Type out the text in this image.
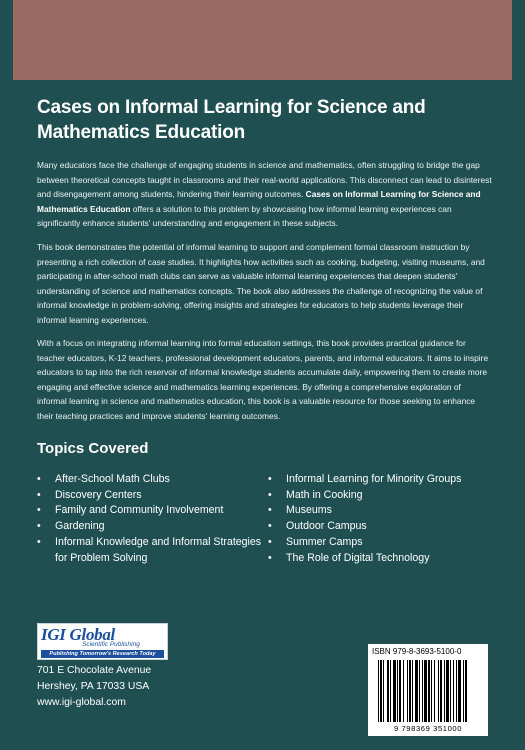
Cases on Informal Learning for Science and Mathematics Education

Many educators face the challenge of engaging students in science and mathematics, often struggling to bridge the gap between theoretical concepts taught in classrooms and their real-world applications. This disconnect can lead to disinterest and disengagement among students, hindering their learning outcomes. Cases on Informal Learning for Science and Mathematics Education offers a solution to this problem by showcasing how informal learning experiences can significantly enhance students' understanding and engagement in these subjects.

This book demonstrates the potential of informal learning to support and complement formal classroom instruction by presenting a rich collection of case studies. It highlights how activities such as cooking, budgeting, visiting museums, and participating in after-school math clubs can serve as valuable informal learning experiences that deepen students' understanding of science and mathematics concepts. The book also addresses the challenge of recognizing the value of informal knowledge in problem-solving, offering insights and strategies for educators to help students leverage their informal learning experiences.

With a focus on integrating informal learning into formal education settings, this book provides practical guidance for teacher educators, K-12 teachers, professional development educators, parents, and informal educators. It aims to inspire educators to tap into the rich reservoir of informal knowledge students accumulate daily, empowering them to create more engaging and effective science and mathematics learning experiences. By offering a comprehensive exploration of informal learning in science and mathematics education, this book is a valuable resource for those seeking to enhance their teaching practices and improve students' learning outcomes.

Topics Covered
• After-School Math Clubs
• Discovery Centers
• Family and Community Involvement
• Gardening
• Informal Knowledge and Informal Strategies for Problem Solving
• Informal Learning for Minority Groups
• Math in Cooking
• Museums
• Outdoor Campus
• Summer Camps
• The Role of Digital Technology
IGI Global
Scientific Publishing
Publishing Tomorrow's Research Today
701 E Chocolate Avenue
Hershey, PA 17033 USA
www.igi-global.com
ISBN 979-8-3693-5100-0
9 798369 351000
